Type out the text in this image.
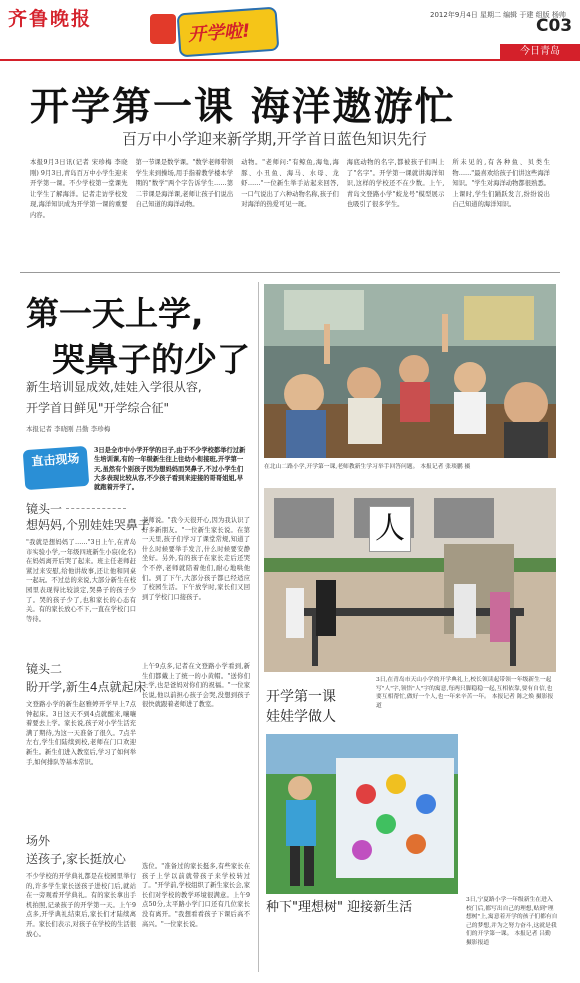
齐鲁晚报
开学啦!
2012年9月4日 星期二 编辑 于建 组版 杨帅
C03
今日青岛
开学第一课 海洋遨游忙
百万中小学迎来新学期,开学首日蓝色知识先行
本报9月3日讯(记者 宋珍梅 李晓刚) 9月3日,青岛百万中小学生迎来开学第一课。不少学校第一堂课先让学生了解海洋。记者走访学校发现,海洋知识成为开学第一课的重要内容。
第一节课是数学课。"数学老师带领学生来到操场,用手指着教学楼本学期的"数学"两个字告诉学生……第二节课是海洋课,老师让孩子们说出自己知道的海洋动物。
动物。"老师问:"有鲸鱼,海龟,海豚、小丑鱼、海马、水母、龙虾……"一位新生举手站起来回答,一口气说出了六种动物名称,孩子们对海洋的热爱可见一斑。
海底动物的名字,都被孩子们叫上了"名字"。开学第一课就讲海洋知识,这样的学校还不在少数。上午,青岛文登路小学"蛟龙号"模型展示也吸引了很多学生。
所未见的,有各种鱼、贝类生物……"最喜欢给孩子们讲这些海洋知识。"学生对海洋动物都很熟悉。上课时,学生们踊跃发言,纷纷说出自己知道的海洋知识。
第一天上学,
哭鼻子的少了
新生培训显成效,娃娃入学很从容,
开学首日鲜见"开学综合征"
本报记者 李晓刚 吕勤 李珍梅
直击现场
3日是全市中小学开学的日子,由于不少学校都举行过新生培训课,有的一年级新生往上往幼小衔接班,开学第一天,虽然有个别孩子因为想妈妈而哭鼻子,不过小学生们大多表现比较从容,不少孩子看到来迎接的哥哥姐姐,早就跑着开学了。
镜头一
想妈妈,个别娃娃哭鼻子
"我就是想妈妈了……"3日上午,在青岛市实验小学,一年级四班新生小宸(化名)在妈妈离开后哭了起来。班主任老师赶紧过来安慰,给他讲故事,还让他和同桌一起玩。不过总的来说,大部分新生在校园里表现得比较淡定,哭鼻子的孩子少了。哭的孩子少了,也和家长的心态有关。有的家长放心不下,一直在学校门口等待。
镜头二
盼开学,新生4点就起床
文登路小学的新生赵雅婷开学早上7点钟起床。3日这天不到4点就醒来,嚷嚷着要去上学。家长说,孩子对小学生活充满了期待,为这一天准备了很久。7点半左右,学生们陆续到校,老师在门口欢迎新生。新生们进入教室后,学习了如何举手,如何排队等基本常识。
场外
送孩子,家长挺放心
不少学校的开学典礼都是在校园里举行的,许多学生家长送孩子进校门后,就站在一旁观看开学典礼。有的家长拿出手机拍照,记录孩子的开学第一天。上午9点多,开学典礼结束后,家长们才陆续离开。家长们表示,对孩子在学校的生活很放心。
老师说。"我今天很开心,因为我认识了好多新朋友。"一位新生家长说。在第一天里,孩子们学习了课堂常规,知道了什么时候要举手发言,什么时候要安静坐好。另外,有的孩子在家长走后还哭个不停,老师就陪着他们,耐心地哄他们。到了下午,大部分孩子都已经适应了校园生活。下午放学时,家长们又回到了学校门口接孩子。
上午9点多,记者在文登路小学看到,新生们都戴上了统一的小黄帽。"送你们上学,也是爸妈对你们的祝福。"一位家长说,他以前担心孩子会哭,没想到孩子很快就跟着老师进了教室。
选位。"准备过的家长挺多,有些家长在孩子上学以前就带孩子来学校转过了。"开学前,学校组织了新生家长会,家长们对学校的教学环境很满意。上午9点50分,太平路小学门口还有几位家长没有离开。"我想看看孩子下课后高不高兴。"一位家长说。
在北山二路小学,开学第一课,老师教新生学习举手回答问题。 本报记者 张琰鹏 摄
人
开学第一课
娃娃学做人
3日,在青岛市天山小学的开学典礼上,校长领读起带领一年级新生一起写"人"字,领悟"人"字的寓意,每两只脚稳稳一起,互相依靠,要有自信,也要互相帮忙,做好一个人,也一年来辛苦一年。 本报记者 陈之焕 摄影报道
种下"理想树" 迎接新生活	3日,宁夏路小学一年级新生在进入校门后,都写出自己的理想,贴到"理想树"上,寓意着开学的孩子们都有自己的梦想,并为之努力奋斗,这就是我们的开学第一课。 本报记者 吕勤 摄影报道
